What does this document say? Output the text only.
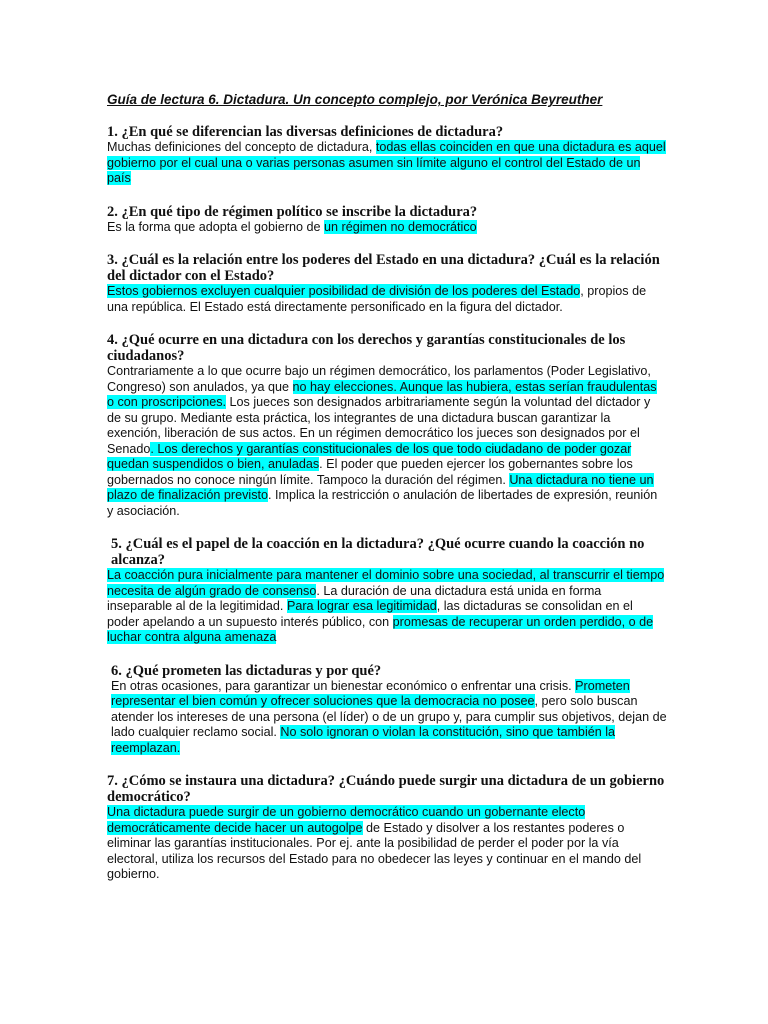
Guía de lectura 6. Dictadura. Un concepto complejo, por Verónica Beyreuther

1. ¿En qué se diferencian las diversas definiciones de dictadura?

Muchas definiciones del concepto de dictadura, todas ellas coinciden en que una dictadura es aquel gobierno por el cual una o varias personas asumen sin límite alguno el control del Estado de un país

2. ¿En qué tipo de régimen político se inscribe la dictadura?

Es la forma que adopta el gobierno de un régimen no democrático

3. ¿Cuál es la relación entre los poderes del Estado en una dictadura? ¿Cuál es la relación del dictador con el Estado?

Estos gobiernos excluyen cualquier posibilidad de división de los poderes del Estado, propios de una república. El Estado está directamente personificado en la figura del dictador.

4. ¿Qué ocurre en una dictadura con los derechos y garantías constitucionales de los ciudadanos?

Contrariamente a lo que ocurre bajo un régimen democrático, los parlamentos (Poder Legislativo, Congreso) son anulados, ya que no hay elecciones. Aunque las hubiera, estas serían fraudulentas o con proscripciones. Los jueces son designados arbitrariamente según la voluntad del dictador y de su grupo. Mediante esta práctica, los integrantes de una dictadura buscan garantizar la exención, liberación de sus actos. En un régimen democrático los jueces son designados por el Senado. Los derechos y garantías constitucionales de los que todo ciudadano de poder gozar quedan suspendidos o bien, anuladas. El poder que pueden ejercer los gobernantes sobre los gobernados no conoce ningún límite. Tampoco la duración del régimen. Una dictadura no tiene un plazo de finalización previsto. Implica la restricción o anulación de libertades de expresión, reunión y asociación.

5. ¿Cuál es el papel de la coacción en la dictadura? ¿Qué ocurre cuando la coacción no alcanza?

La coacción pura inicialmente para mantener el dominio sobre una sociedad, al transcurrir el tiempo necesita de algún grado de consenso. La duración de una dictadura está unida en forma inseparable al de la legitimidad. Para lograr esa legitimidad, las dictaduras se consolidan en el poder apelando a un supuesto interés público, con promesas de recuperar un orden perdido, o de luchar contra alguna amenaza

6. ¿Qué prometen las dictaduras y por qué?

En otras ocasiones, para garantizar un bienestar económico o enfrentar una crisis. Prometen representar el bien común y ofrecer soluciones que la democracia no posee, pero solo buscan atender los intereses de una persona (el líder) o de un grupo y, para cumplir sus objetivos, dejan de lado cualquier reclamo social. No solo ignoran o violan la constitución, sino que también la reemplazan.

7. ¿Cómo se instaura una dictadura? ¿Cuándo puede surgir una dictadura de un gobierno democrático?

Una dictadura puede surgir de un gobierno democrático cuando un gobernante electo democráticamente decide hacer un autogolpe de Estado y disolver a los restantes poderes o eliminar las garantías institucionales. Por ej. ante la posibilidad de perder el poder por la vía electoral, utiliza los recursos del Estado para no obedecer las leyes y continuar en el mando del gobierno.
